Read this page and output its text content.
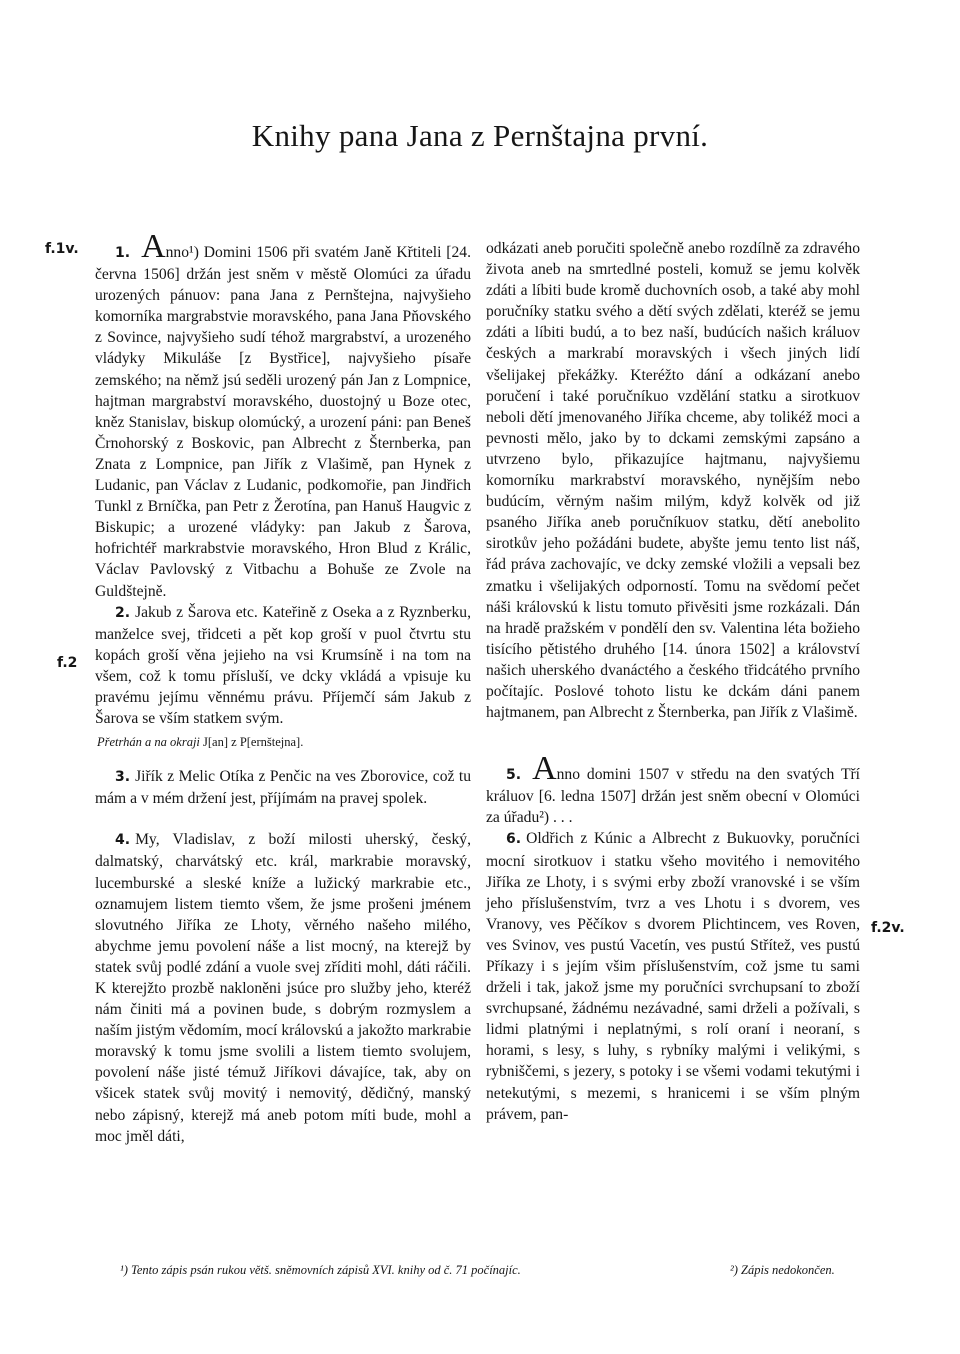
Knihy pana Jana z Pernštajna první.
f.1v.
f.2
f.2v.

1. Anno¹) Domini 1506 při svatém Janě Křtiteli [24. června 1506] držán jest sněm v městě Olomúci za úřadu urozených pánuov: pana Jana z Pernštejna, najvyšieho komorníka margrabstvie moravského, pana Jana Pňovského z Sovince, najvyšieho sudí téhož margrabství, a urozeného vládyky Mikuláše [z Bystřice], najvyšieho písaře zemského; na němž jsú seděli urozený pán Jan z Lompnice, hajtman margrabství moravského, duostojný u Boze otec, kněz Stanislav, biskup olomúcký, a urození páni: pan Beneš Črnohorský z Boskovic, pan Albrecht z Šternberka, pan Znata z Lompnice, pan Jiřík z Vlašimě, pan Hynek z Ludanic, pan Václav z Ludanic, podkomořie, pan Jindřich Tunkl z Brníčka, pan Petr z Žerotína, pan Hanuš Haugvic z Biskupic; a urozené vládyky: pan Jakub z Šarova, hofrichtéř markrabstvie moravského, Hron Blud z Králic, Václav Pavlovský z Vitbachu a Bohuše ze Zvole na Guldštejně.

2. Jakub z Šarova etc. Kateřině z Oseka a z Ryznberku, manželce svej, třidceti a pět kop groší v puol čtvrtu stu kopách groší věna jejieho na vsi Krumsíně i na tom na všem, což k tomu přísluší, ve dcky vkládá a vpisuje ku pravému jejímu věnnému právu. Příjemčí sám Jakub z Šarova se vším statkem svým.

Přetrhán a na okraji J[an] z P[ernštejna].

3. Jiřík z Melic Otíka z Penčic na ves Zborovice, což tu mám a v mém držení jest, příjímám na pravej spolek.

4. My, Vladislav, z boží milosti uherský, český, dalmatský, charvátský etc. král, markrabie moravský, lucemburské a sleské kníže a lužický markrabie etc., oznamujem listem tiemto všem, že jsme prošeni jménem slovutného Jiříka ze Lhoty, věrného našeho milého, abychme jemu povolení náše a list mocný, na kterejž by statek svůj podlé zdání a vuole svej zříditi mohl, dáti ráčili. K kterejžto prozbě nakloněni jsúce pro služby jeho, kteréž nám činiti má a povinen bude, s dobrým rozmyslem a naším jistým vědomím, mocí královskú a jakožto markrabie moravský k tomu jsme svolili a listem tiemto svolujem, povolení náše jisté témuž Jiříkovi dávajíce, tak, aby on všicek statek svůj movitý i nemovitý, dědičný, manský nebo zápisný, kterejž má aneb potom míti bude, mohl a moc jměl dáti,

odkázati aneb poručiti společně anebo rozdílně za zdravého života aneb na smrtedlné posteli, komuž se jemu kolvěk zdáti a líbiti bude kromě duchovních osob, a také aby mohl poručníky statku svého a dětí svých zdělati, kteréž se jemu zdáti a líbiti budú, a to bez naší, budúcích našich králuov českých a markrabí moravských i všech jiných lidí všelijakej překážky. Kteréžto dání a odkázaní anebo poručení i také poručníkuo vzdělání statku a sirotkuov neboli dětí jmenovaného Jiříka chceme, aby tolikéž moci a pevnosti mělo, jako by to dckami zemskými zapsáno a utvrzeno bylo, přikazujíce hajtmanu, najvyšiemu komorníku markrabství moravského, nynějším nebo budúcím, věrným našim milým, když kolvěk od již psaného Jiříka aneb poručníkuov statku, dětí anebolito sirotkův jeho požádáni budete, abyšte jemu tento list náš, řád práva zachovajíc, ve dcky zemské vložili a vepsali bez zmatku i všelijakých odporností. Tomu na svědomí pečet náši královskú k listu tomuto přivěsiti jsme rozkázali. Dán na hradě pražském v pondělí den sv. Valentina léta božieho tisícího pětistého druhého [14. února 1502] a království našich uherského dvanáctého a českého třidcátého prvního počítajíc. Poslové tohoto listu ke dckám dáni panem hajtmanem, pan Albrecht z Šternberka, pan Jiřík z Vlašimě.

5. Anno domini 1507 v středu na den svatých Tří králuov [6. ledna 1507] držán jest sněm obecní v Olomúci za úřadu²) . . .

6. Oldřich z Kúnic a Albrecht z Bukuovky, poručníci mocní sirotkuov i statku všeho movitého i nemovitého Jiříka ze Lhoty, i s svými erby zboží vranovské i se vším jeho příslušenstvím, tvrz a ves Lhotu i s dvorem, ves Vranovy, ves Pěčíkov s dvorem Plichtincem, ves Roven, ves Svinov, ves pustú Vacetín, ves pustú Střítež, ves pustú Příkazy i s jejím všim příslušenstvím, což jsme tu sami drželi i tak, jakož jsme my poručníci svrchupsaní to zboží svrchupsané, žádnému nezávadné, sami drželi a požívali, s lidmi platnými i neplatnými, s rolí oraní i neoraní, s horami, s lesy, s luhy, s rybníky malými i velikými, s rybniščemi, s jezery, s potoky i se všemi vodami tekutými i netekutými, s mezemi, s hranicemi i se vším plným právem, pan-

¹) Tento zápis psán rukou větš. sněmovních zápisů XVI. knihy od č. 71 počínajíc.	²) Zápis nedokončen.
